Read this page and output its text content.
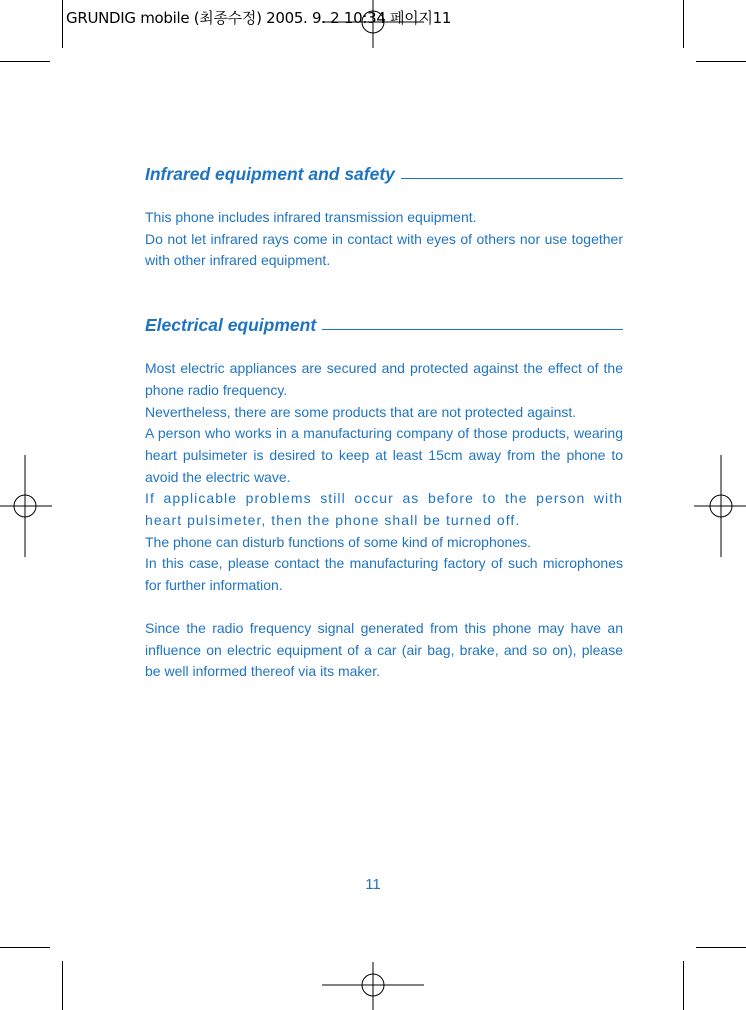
GRUNDIG mobile (최종수정) 2005. 9. 2 10:34 페이지11
Infrared equipment and safety

This phone includes infrared transmission equipment.

Do not let infrared rays come in contact with eyes of others nor use together with other infrared equipment.

Electrical equipment

Most electric appliances are secured and protected against the effect of the phone radio frequency.

Nevertheless, there are some products that are not protected against.

A person who works in a manufacturing company of those products, wearing heart pulsimeter is desired to keep at least 15cm away from the phone to avoid the electric wave.

If applicable problems still occur as before to the person with heart pulsimeter, then the phone shall be turned off.

The phone can disturb functions of some kind of microphones.

In this case, please contact the manufacturing factory of such microphones for further information.

Since the radio frequency signal generated from this phone may have an influence on electric equipment of a car (air bag, brake, and so on), please be well informed thereof via its maker.

11
